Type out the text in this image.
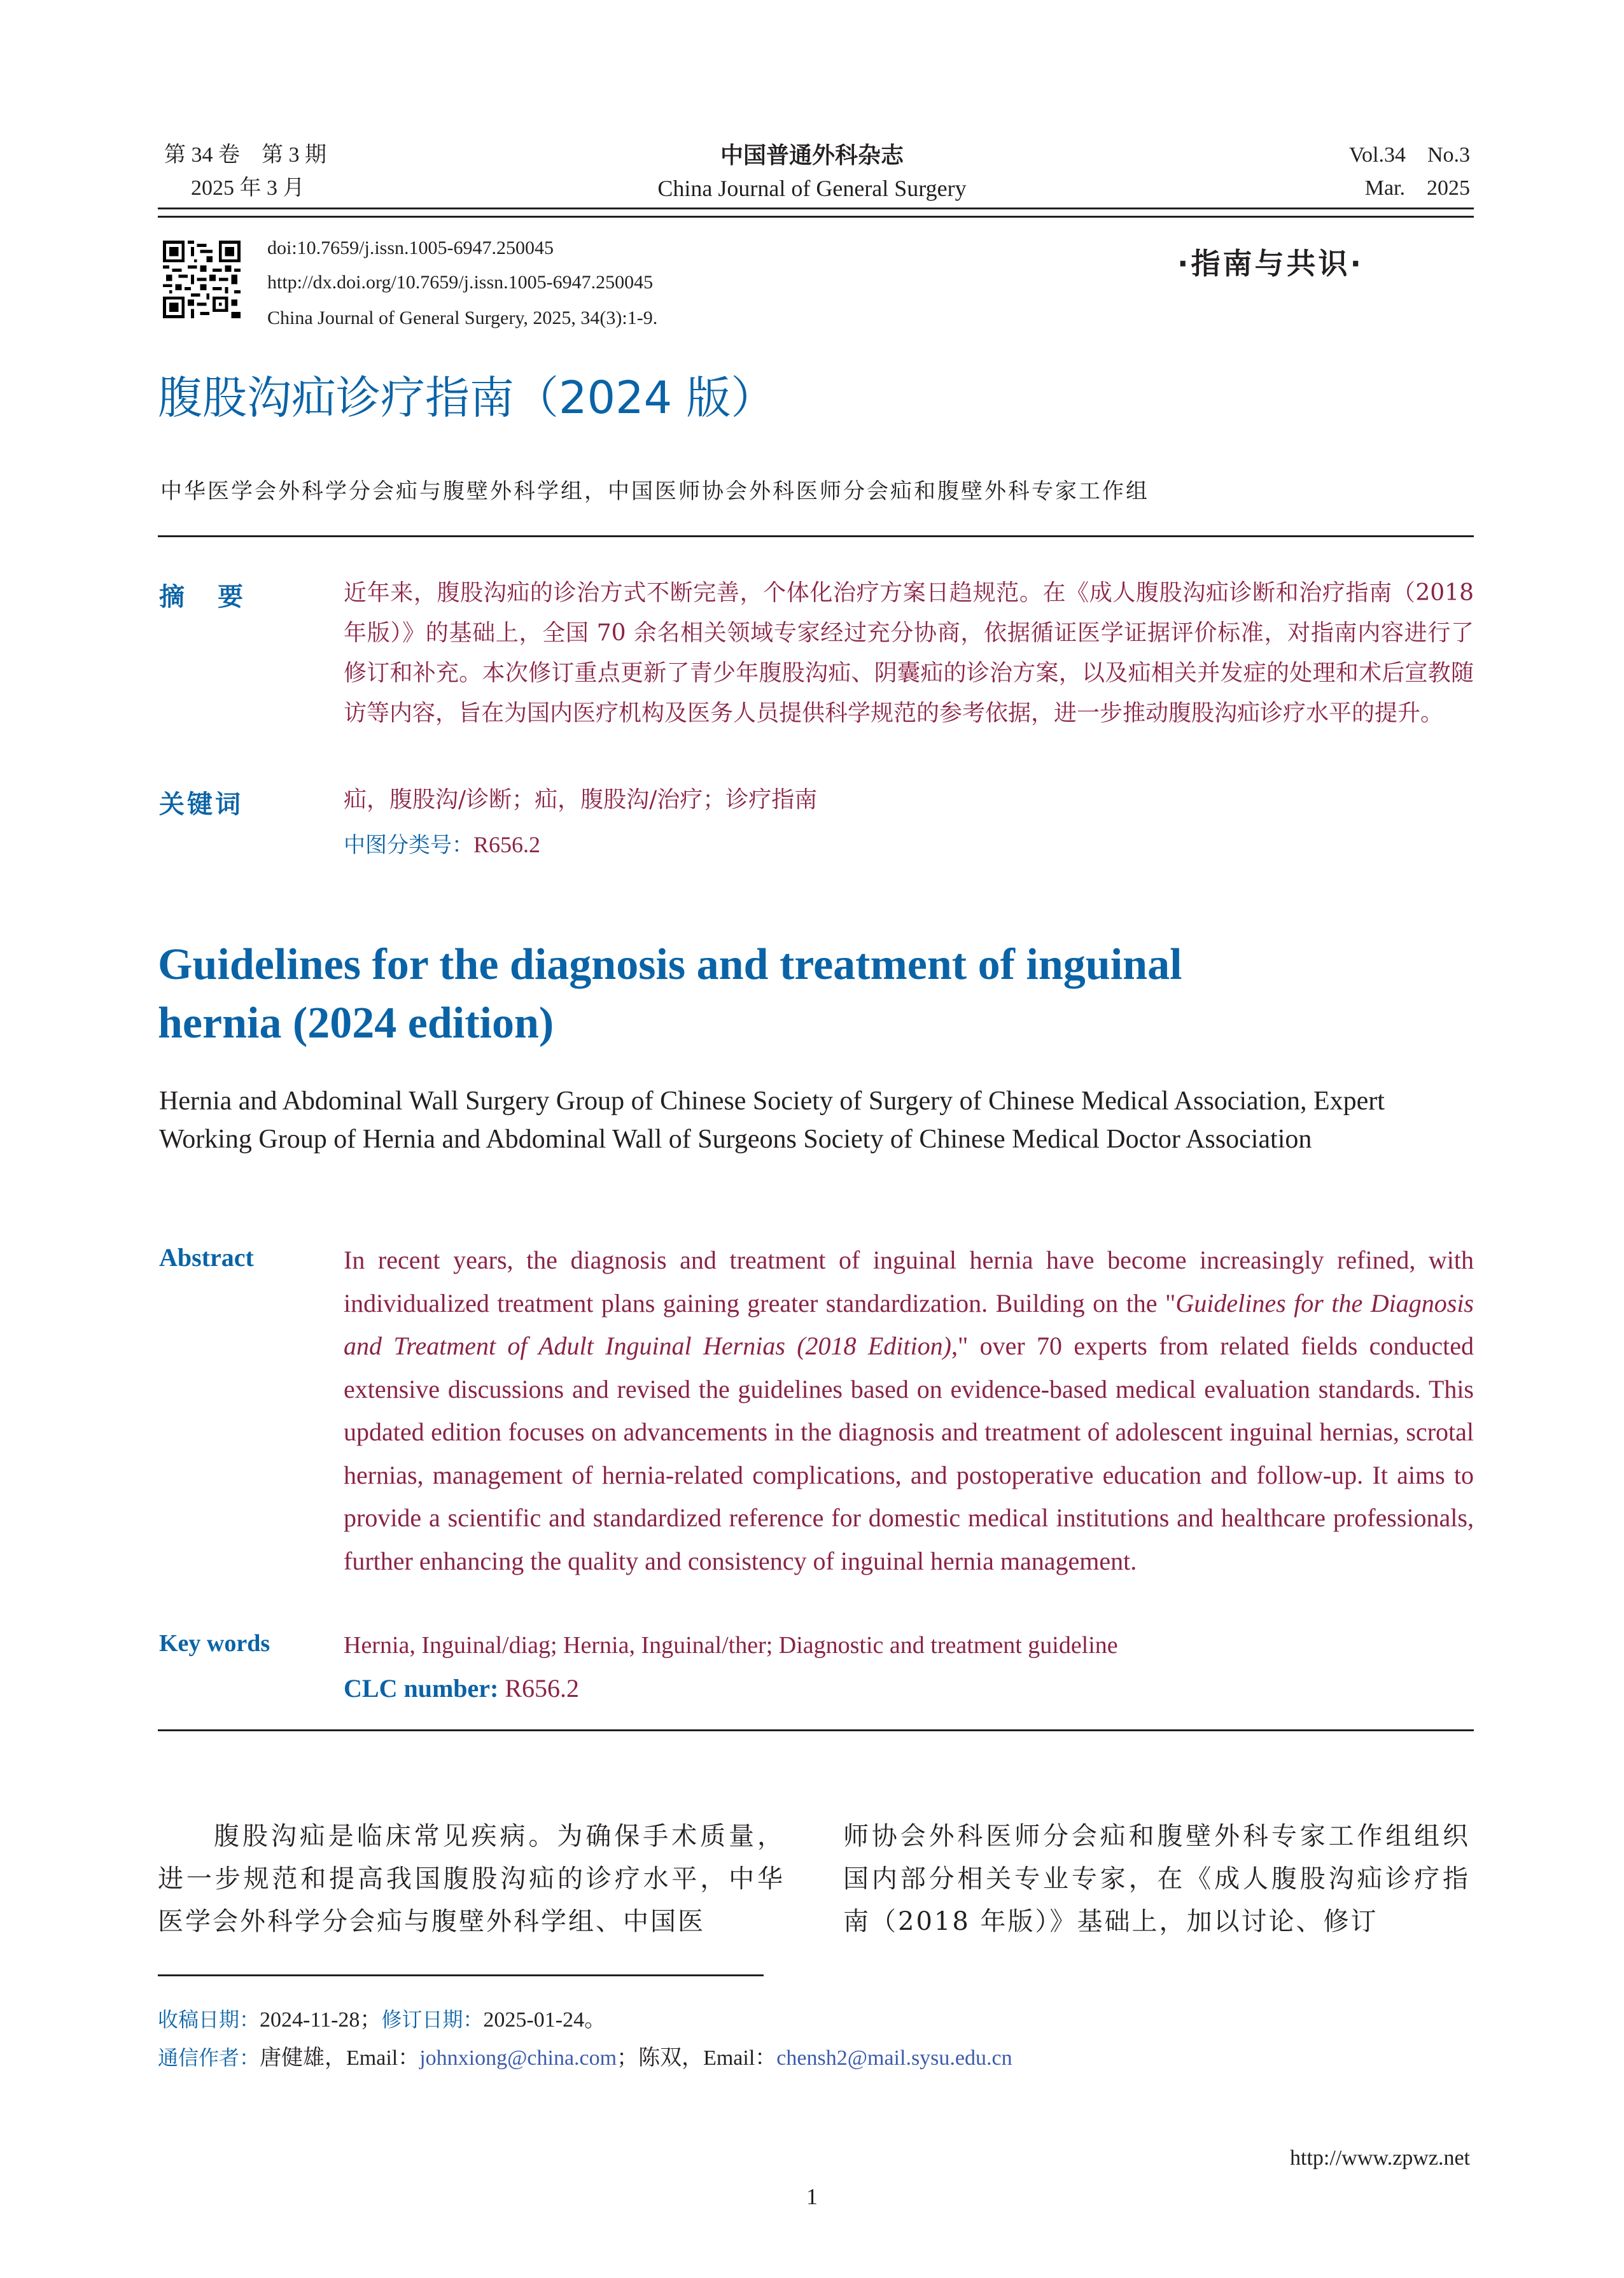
第 34 卷　第 3 期
2025 年 3 月
中国普通外科杂志
China Journal of General Surgery
Vol.34　No.3
Mar.　2025
doi:10.7659/j.issn.1005-6947.250045
http://dx.doi.org/10.7659/j.issn.1005-6947.250045
China Journal of General Surgery, 2025, 34(3):1-9.
·指南与共识·
腹股沟疝诊疗指南（2024 版）
中华医学会外科学分会疝与腹壁外科学组，中国医师协会外科医师分会疝和腹壁外科专家工作组
摘要	近年来，腹股沟疝的诊治方式不断完善，个体化治疗方案日趋规范。在《成人腹股沟疝诊断和治疗指南（2018 年版）》的基础上，全国 70 余名相关领域专家经过充分协商，依据循证医学证据评价标准，对指南内容进行了修订和补充。本次修订重点更新了青少年腹股沟疝、阴囊疝的诊治方案，以及疝相关并发症的处理和术后宣教随访等内容，旨在为国内医疗机构及医务人员提供科学规范的参考依据，进一步推动腹股沟疝诊疗水平的提升。
关键词	疝，腹股沟/诊断；疝，腹股沟/治疗；诊疗指南
中图分类号：R656.2
Guidelines for the diagnosis and treatment of inguinal hernia (2024 edition)
Hernia and Abdominal Wall Surgery Group of Chinese Society of Surgery of Chinese Medical Association, Expert Working Group of Hernia and Abdominal Wall of Surgeons Society of Chinese Medical Doctor Association
Abstract	In recent years, the diagnosis and treatment of inguinal hernia have become increasingly refined, with individualized treatment plans gaining greater standardization. Building on the "Guidelines for the Diagnosis and Treatment of Adult Inguinal Hernias (2018 Edition)," over 70 experts from related fields conducted extensive discussions and revised the guidelines based on evidence-based medical evaluation standards. This updated edition focuses on advancements in the diagnosis and treatment of adolescent inguinal hernias, scrotal hernias, management of hernia-related complications, and postoperative education and follow-up. It aims to provide a scientific and standardized reference for domestic medical institutions and healthcare professionals, further enhancing the quality and consistency of inguinal hernia management.
Key words	Hernia, Inguinal/diag; Hernia, Inguinal/ther; Diagnostic and treatment guideline
CLC number: R656.2
腹股沟疝是临床常见疾病。为确保手术质量，进一步规范和提高我国腹股沟疝的诊疗水平，中华医学会外科学分会疝与腹壁外科学组、中国医
师协会外科医师分会疝和腹壁外科专家工作组组织国内部分相关专业专家，在《成人腹股沟疝诊疗指南（2018 年版）》基础上，加以讨论、修订
收稿日期：2024-11-28；修订日期：2025-01-24。
通信作者：唐健雄，Email：johnxiong@china.com；陈双，Email：chensh2@mail.sysu.edu.cn
http://www.zpwz.net
1
